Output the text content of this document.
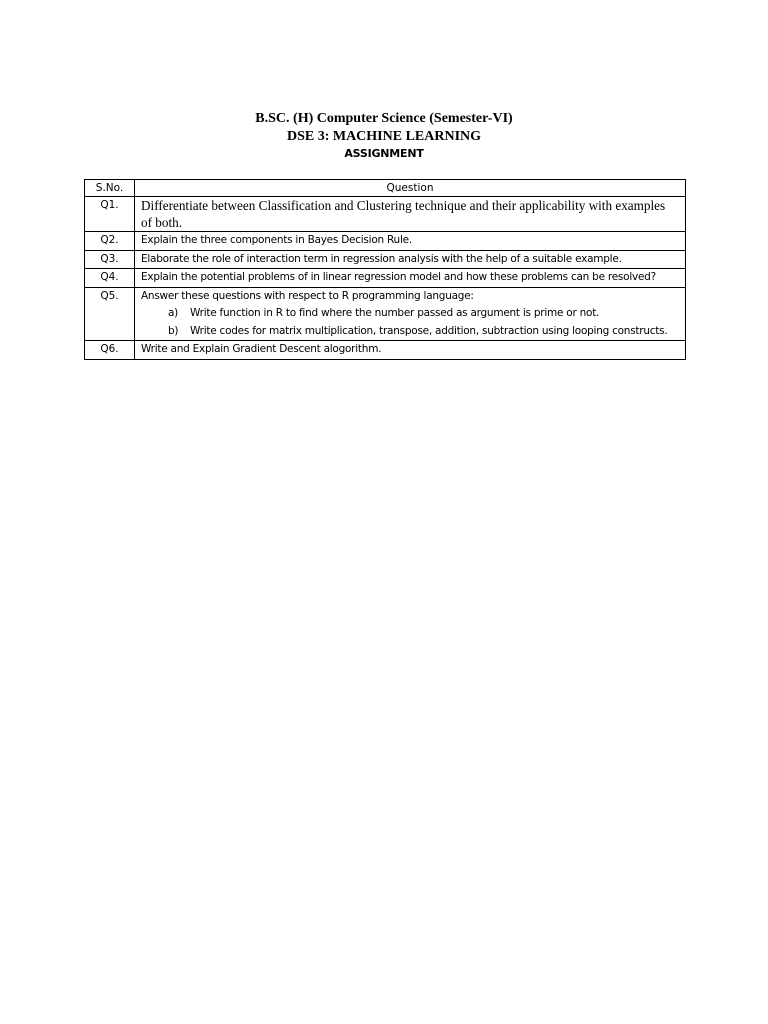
B.SC. (H) Computer Science (Semester-VI)
DSE 3: MACHINE LEARNING
ASSIGNMENT
S.No.	Question
Q1.	Differentiate between Classification and Clustering technique and their applicability with examples of both.
Q2.	Explain the three components in Bayes Decision Rule.
Q3.	Elaborate the role of interaction term in regression analysis with the help of a suitable example.
Q4.	Explain the potential problems of in linear regression model and how these problems can be resolved?
Q5.	Answer these questions with respect to R programming language:
a) Write function in R to find where the number passed as argument is prime or not.
b) Write codes for matrix multiplication, transpose, addition, subtraction using looping constructs.

Q6.	Write and Explain Gradient Descent alogorithm.
